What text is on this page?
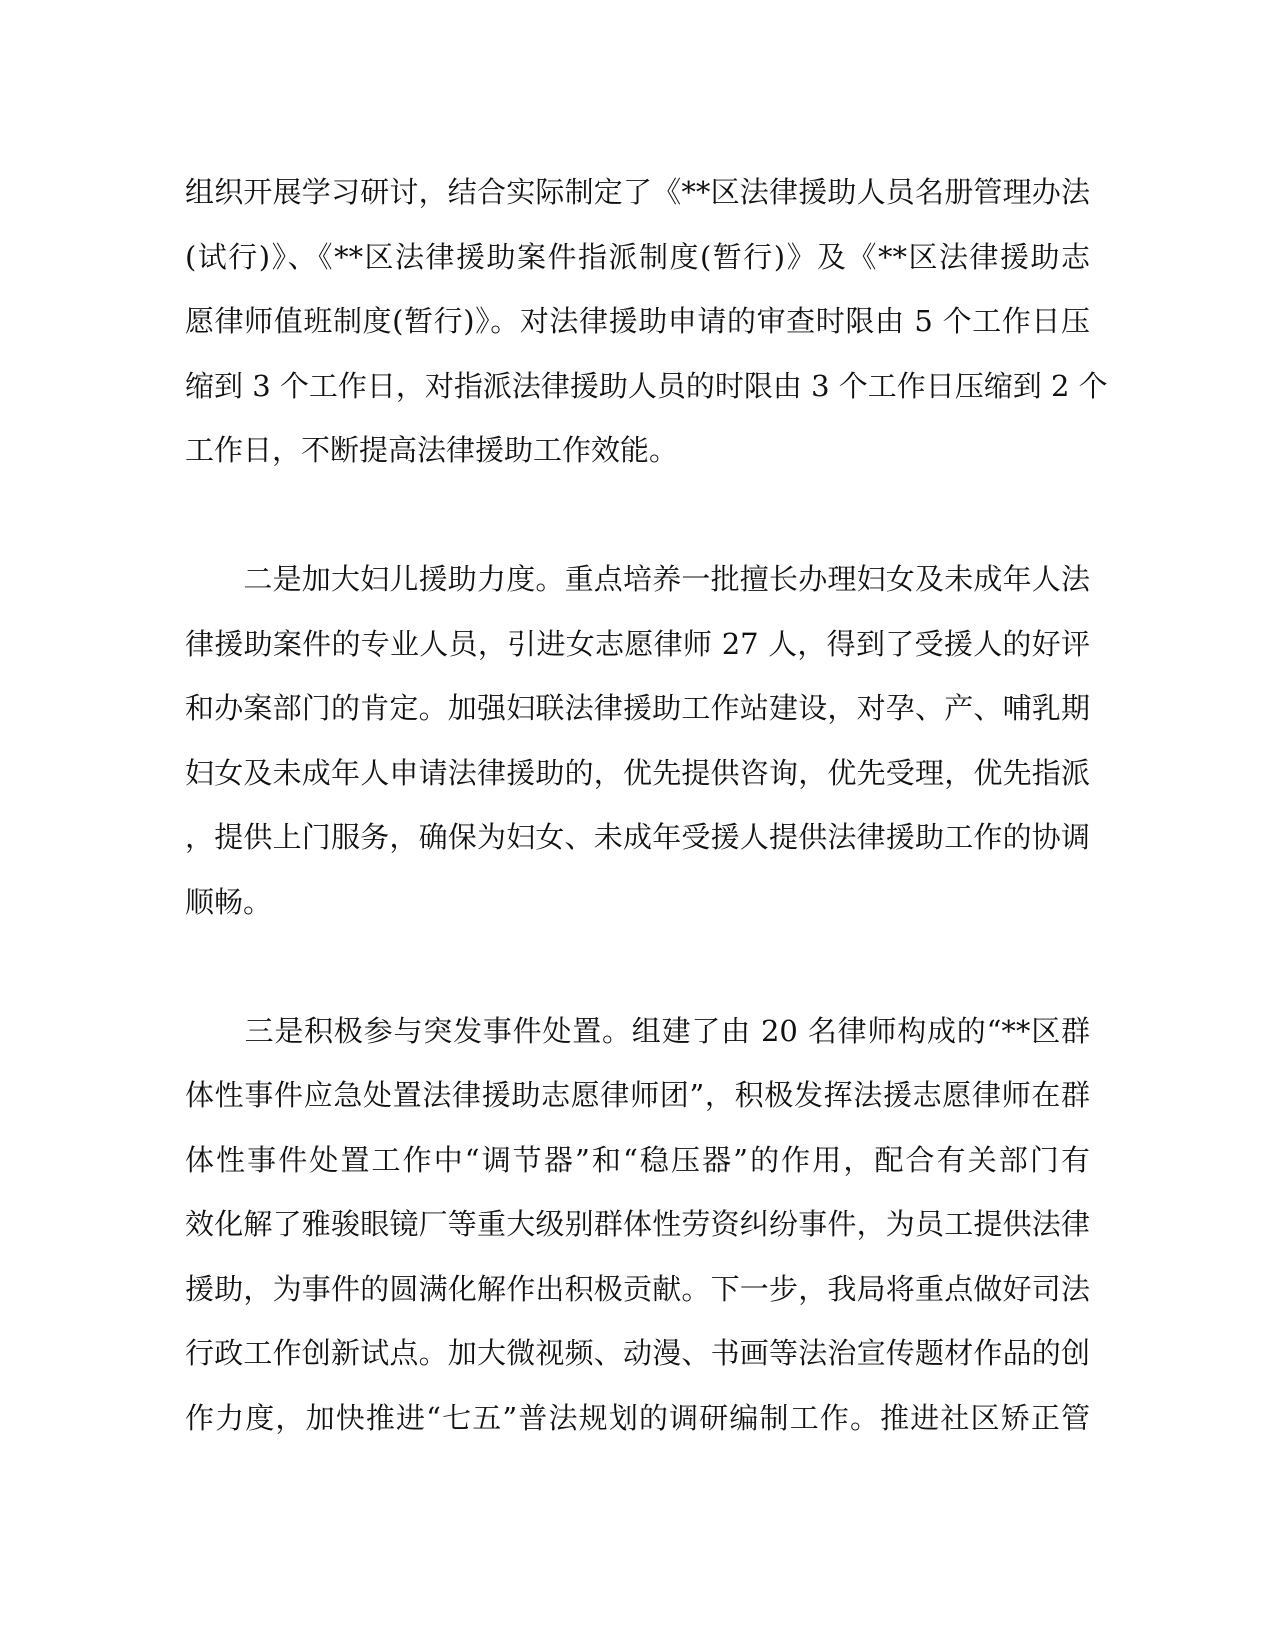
组织开展学习研讨，结合实际制定了《**区法律援助人员名册管理办法
(试行)》、《**区法律援助案件指派制度(暂行)》及《**区法律援助志
愿律师值班制度(暂行)》。对法律援助申请的审查时限由 5 个工作日压
缩到 3 个工作日，对指派法律援助人员的时限由 3 个工作日压缩到 2 个
工作日，不断提高法律援助工作效能。
　　二是加大妇儿援助力度。重点培养一批擅长办理妇女及未成年人法
律援助案件的专业人员，引进女志愿律师 27 人，得到了受援人的好评
和办案部门的肯定。加强妇联法律援助工作站建设，对孕、产、哺乳期
妇女及未成年人申请法律援助的，优先提供咨询，优先受理，优先指派
，提供上门服务，确保为妇女、未成年受援人提供法律援助工作的协调
顺畅。
　　三是积极参与突发事件处置。组建了由 20 名律师构成的“**区群
体性事件应急处置法律援助志愿律师团”，积极发挥法援志愿律师在群
体性事件处置工作中“调节器”和“稳压器”的作用，配合有关部门有
效化解了雅骏眼镜厂等重大级别群体性劳资纠纷事件，为员工提供法律
援助，为事件的圆满化解作出积极贡献。下一步，我局将重点做好司法
行政工作创新试点。加大微视频、动漫、书画等法治宣传题材作品的创
作力度，加快推进“七五”普法规划的调研编制工作。推进社区矫正管
